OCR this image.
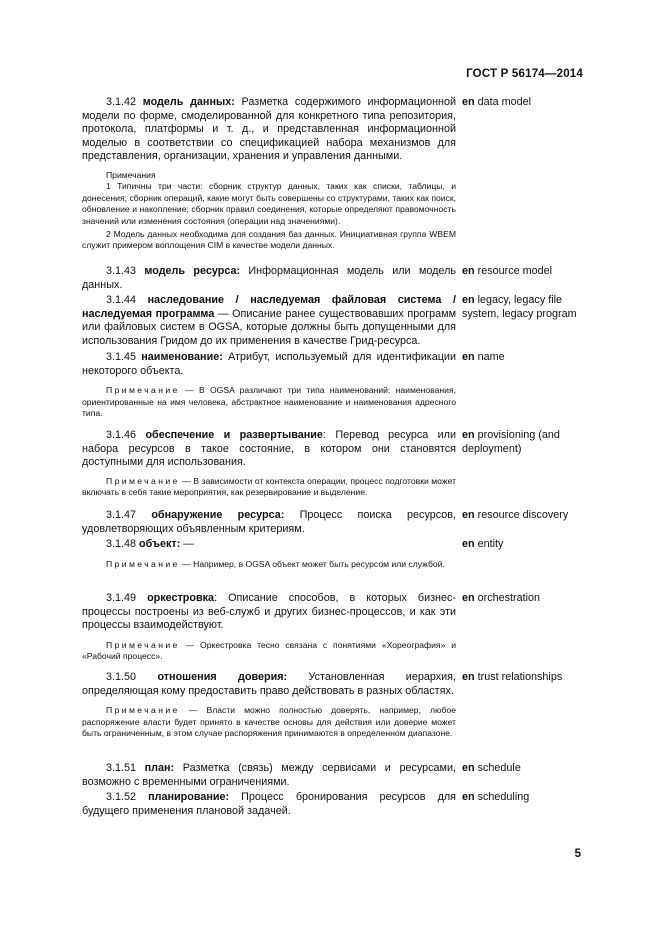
ГОСТ Р 56174—2014

3.1.42 модель данных: Разметка содержимого информационной модели по форме, смоделированной для конкретного типа репозитория, протокола, платформы и т. д., и представленная информационной моделью в соответствии со спецификацией набора механизмов для представления, организации, хранения и управления данными.

Примечания

1 Типичны три части: сборник структур данных, таких как списки, таблицы, и донесения; сборник операций, какие могут быть совершены со структурами, таких как поиск, обновление и накопление; сборник правил соединения, которые определяют правомочность значений или изменения состояния (операции над значениями).

2 Модель данных необходима для создания баз данных. Инициативная группа WBEM служит примером воплощения CIM в качестве модели данных.

en data model

3.1.43 модель ресурса: Информационная модель или модель данных.

en resource model

3.1.44 наследование / наследуемая файловая система / наследуемая программа — Описание ранее существовавших программ или файловых систем в OGSA, которые должны быть допущенными для использования Гридом до их применения в качестве Грид-ресурса.

en legacy, legacy file system, legacy program

3.1.45 наименование: Атрибут, используемый для идентификации некоторого объекта.

Примечание — В OGSA различают три типа наименований: наименования, ориентированные на имя человека, абстрактное наименование и наименования адресного типа.

en name

3.1.46 обеспечение и развертывание: Перевод ресурса или набора ресурсов в такое состояние, в котором они становятся доступными для использования.

Примечание — В зависимости от контекста операции, процесс подготовки может включать в себя такие мероприятия, как резервирование и выделение.

en provisioning (and deployment)

3.1.47 обнаружение ресурса: Процесс поиска ресурсов, удовлетворяющих объявленным критериям.

en resource discovery

3.1.48 объект: —

Примечание — Например, в OGSA объект может быть ресурсом или службой.

en entity

3.1.49 оркестровка: Описание способов, в которых бизнес-процессы построены из веб-служб и других бизнес-процессов, и как эти процессы взаимодействуют.

Примечание — Оркестровка тесно связана с понятиями «Хореография» и «Рабочий процесс».

en orchestration

3.1.50 отношения доверия: Установленная иерархия, определяющая кому предоставить право действовать в разных областях.

Примечание — Власти можно полностью доверять, например, любое распоряжение власти будет принято в качестве основы для действия или доверие может быть ограниченным, в этом случае распоряжения принимаются в определенном диапазоне.

en trust relationships

3.1.51 план: Разметка (связь) между сервисами и ресурсами, возможно с временными ограничениями.

en schedule

3.1.52 планирование: Процесс бронирования ресурсов для будущего применения плановой задачей.

en scheduling
5
